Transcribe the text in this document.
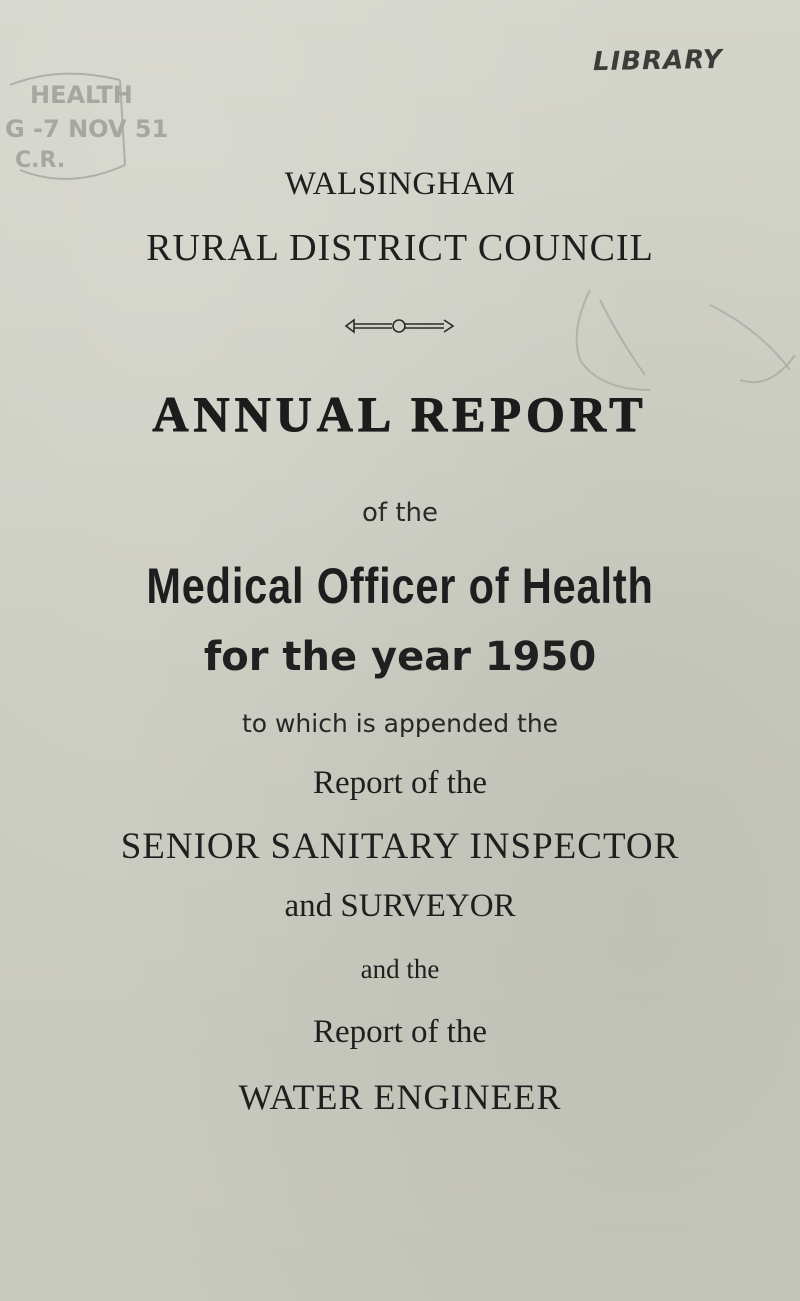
HEALTH
G -7 NOV 51
C.R.
LIBRARY
WALSINGHAM
RURAL DISTRICT COUNCIL
ANNUAL REPORT
of the
Medical Officer of Health
for the year 1950
to which is appended the
Report of the
SENIOR SANITARY INSPECTOR
and SURVEYOR
and the
Report of the
WATER ENGINEER
